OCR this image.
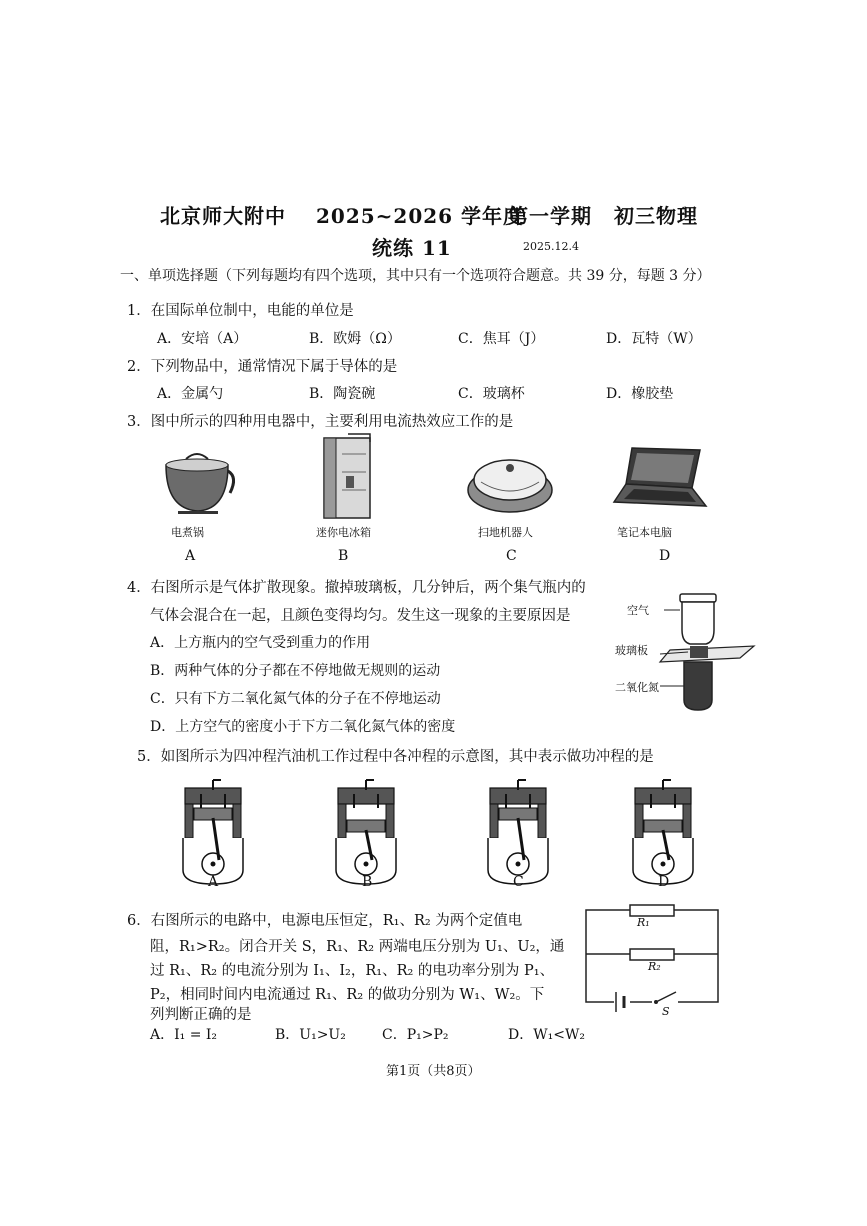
北京师大附中 2025~2026 学年度
第一学期 初三物理
统练 11	2025.12.4
一、单项选择题（下列每题均有四个选项，其中只有一个选项符合题意。共 39 分，每题 3 分）
1．在国际单位制中，电能的单位是
A．安培（A）	B．欧姆（Ω）	C．焦耳（J）	D．瓦特（W）
2．下列物品中，通常情况下属于导体的是
A．金属勺	B．陶瓷碗	C．玻璃杯	D．橡胶垫
3．图中所示的四种用电器中，主要利用电流热效应工作的是
电煮锅	迷你电冰箱	扫地机器人	笔记本电脑
A	B	C	D
4．右图所示是气体扩散现象。撤掉玻璃板，几分钟后，两个集气瓶内的
气体会混合在一起，且颜色变得均匀。发生这一现象的主要原因是
A．上方瓶内的空气受到重力的作用
B．两种气体的分子都在不停地做无规则的运动
C．只有下方二氧化氮气体的分子在不停地运动
D．上方空气的密度小于下方二氧化氮气体的密度
空气
玻璃板
二氧化氮
5．如图所示为四冲程汽油机工作过程中各冲程的示意图，其中表示做功冲程的是
A	B	C	D
6．右图所示的电路中，电源电压恒定，R₁、R₂ 为两个定值电
阻，R₁>R₂。闭合开关 S，R₁、R₂ 两端电压分别为 U₁、U₂，通
过 R₁、R₂ 的电流分别为 I₁、I₂，R₁、R₂ 的电功率分别为 P₁、
P₂，相同时间内电流通过 R₁、R₂ 的做功分别为 W₁、W₂。下
列判断正确的是
A．I₁ = I₂	B．U₁>U₂	C．P₁>P₂	D．W₁<W₂
R₁
R₂
S
第1页（共8页）
